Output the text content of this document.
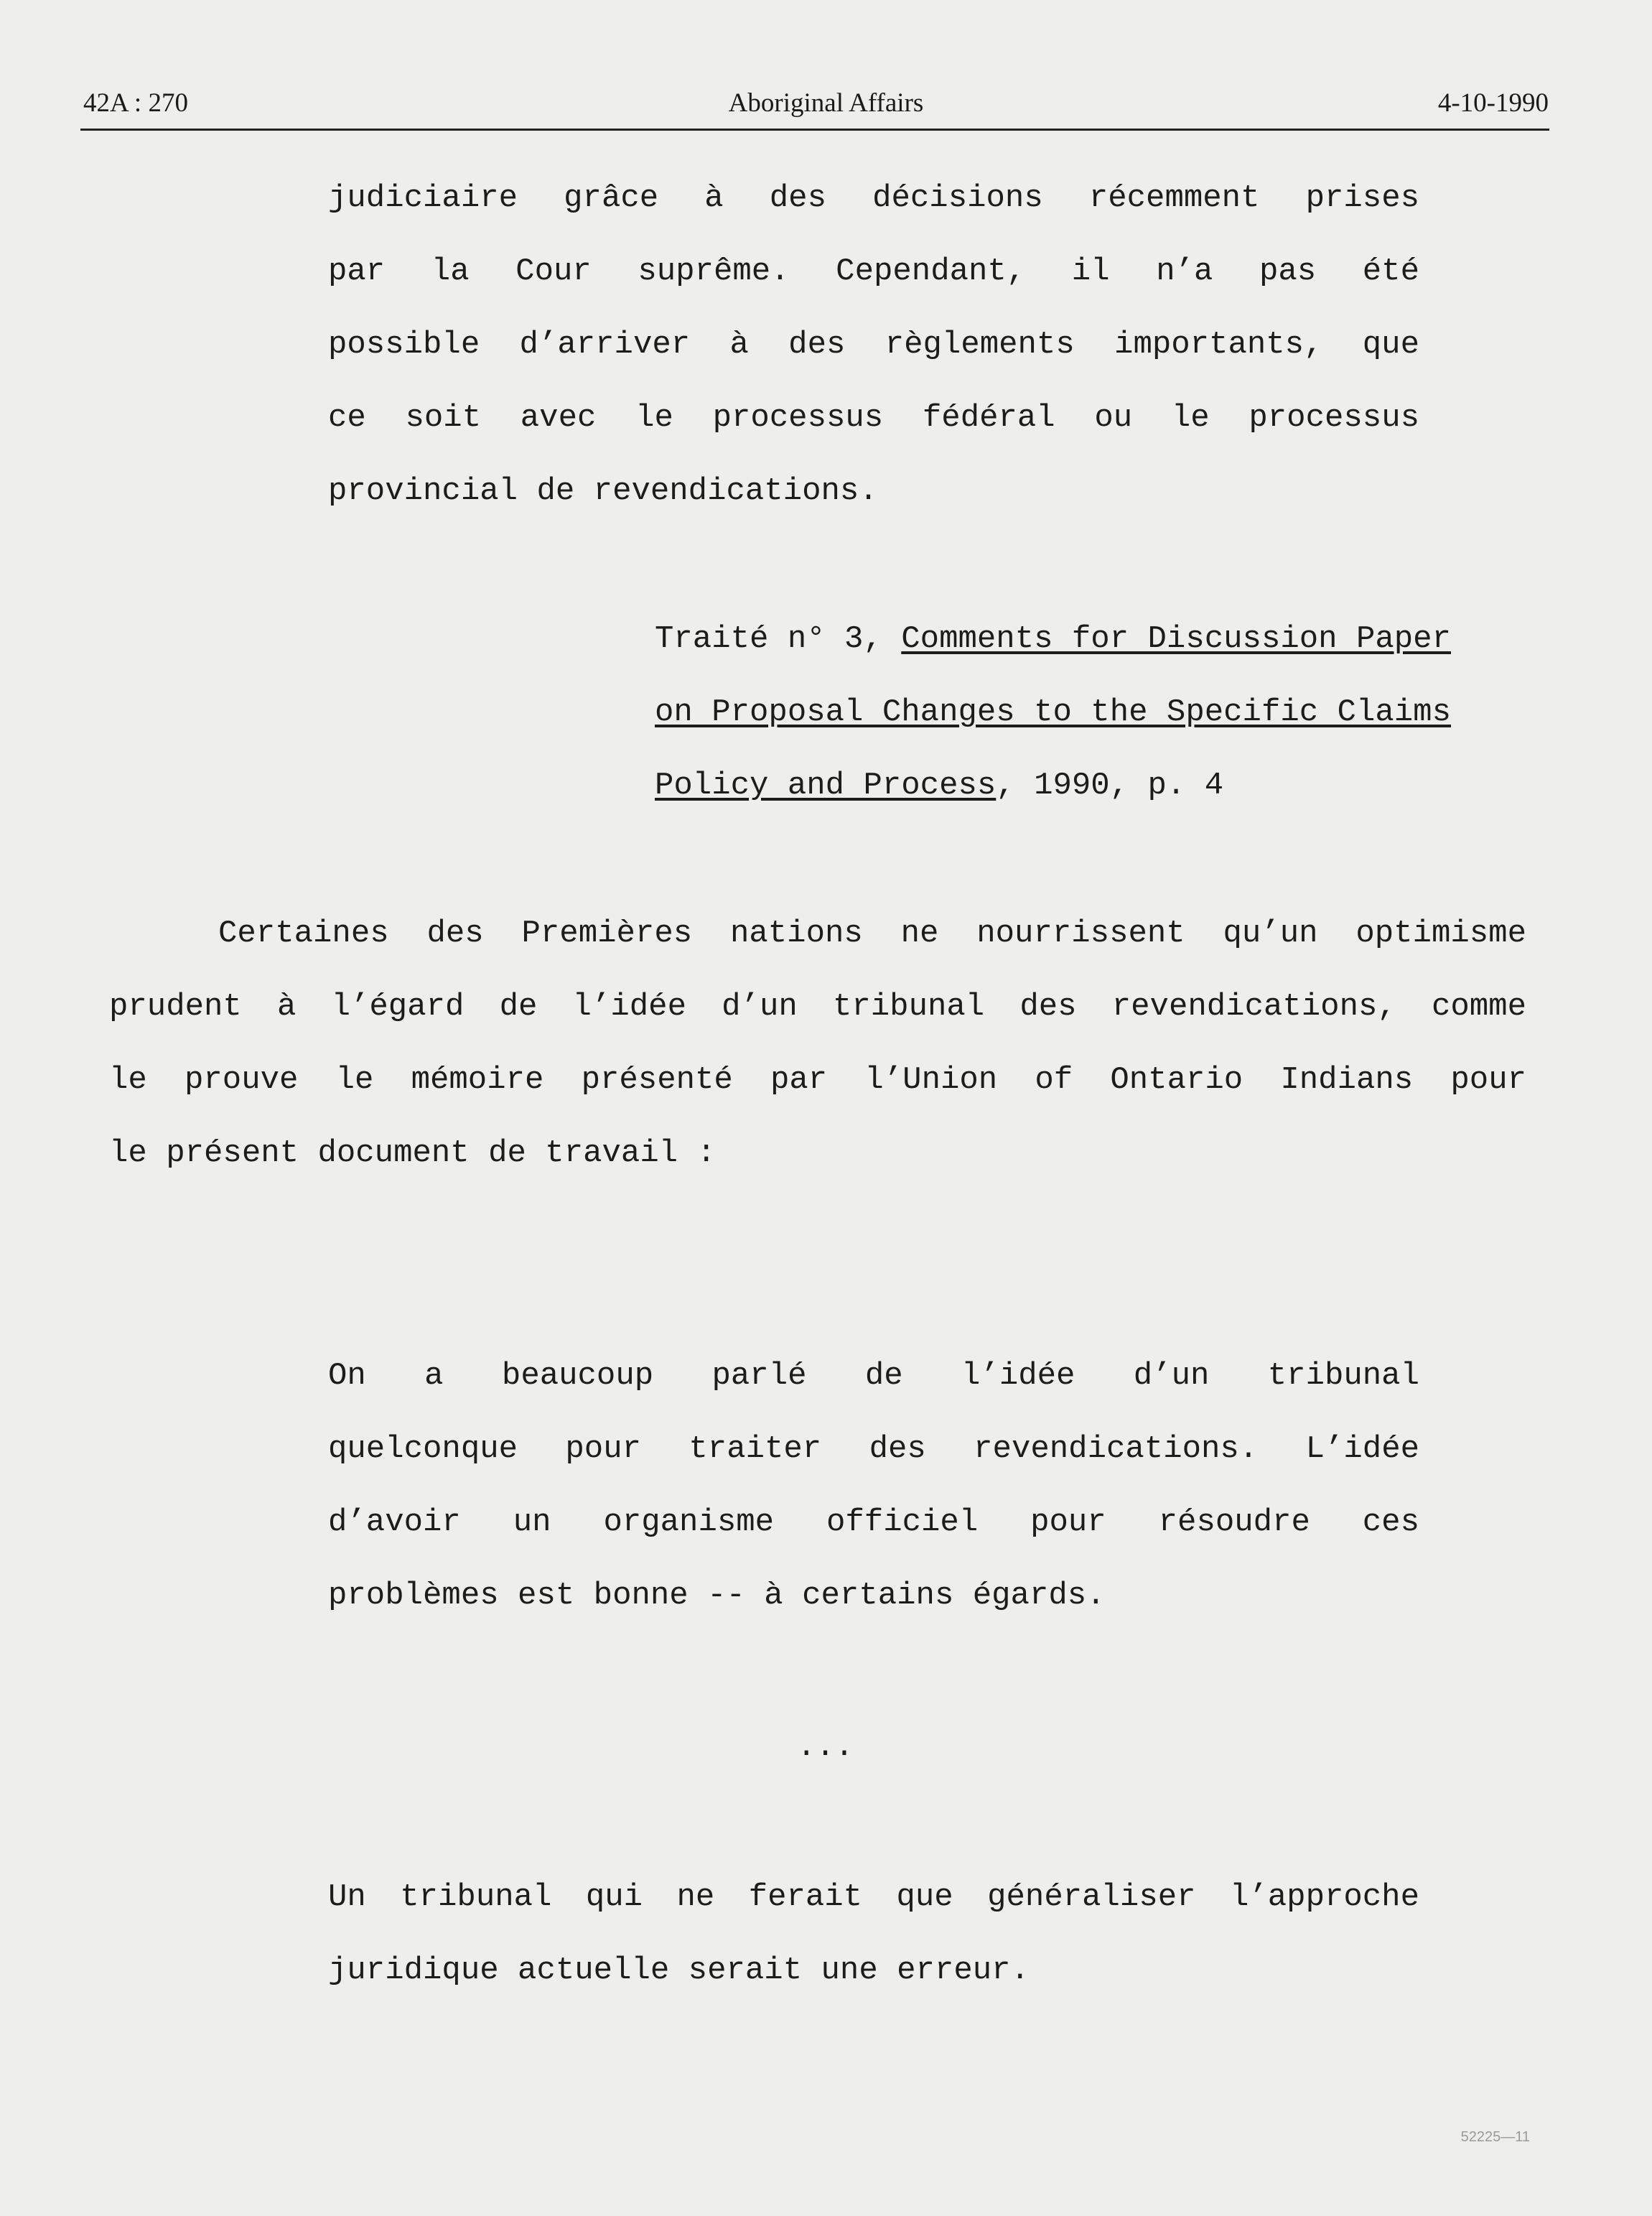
42A : 270	Aboriginal Affairs	4-10-1990
judiciaire grâce à des décisions récemment prises
par la Cour suprême. Cependant, il n’a pas été
possible d’arriver à des règlements importants, que
ce soit avec le processus fédéral ou le processus
provincial de revendications.
Traité n° 3, Comments for Discussion Paper
on Proposal Changes to the Specific Claims
Policy and Process, 1990, p. 4
Certaines des Premières nations ne nourrissent qu’un optimisme
prudent à l’égard de l’idée d’un tribunal des revendications, comme
le prouve le mémoire présenté par l’Union of Ontario Indians pour
le présent document de travail :
On a beaucoup parlé de l’idée d’un tribunal
quelconque pour traiter des revendications. L’idée
d’avoir un organisme officiel pour résoudre ces
problèmes est bonne -- à certains égards.
...
Un tribunal qui ne ferait que généraliser l’approche
juridique actuelle serait une erreur.
52225—11
